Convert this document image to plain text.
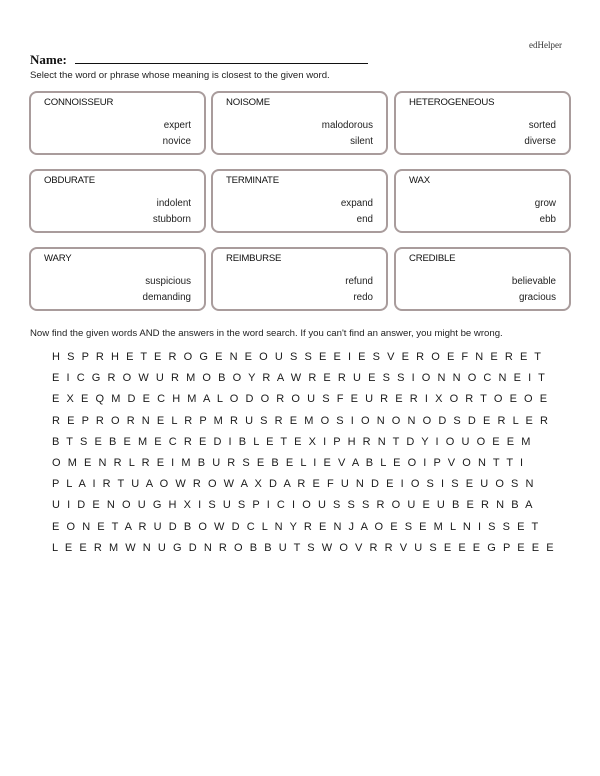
edHelper
Name:
Select the word or phrase whose meaning is closest to the given word.
CONNOISSEUR
expert
novice
NOISOME
malodorous
silent
HETEROGENEOUS
sorted
diverse
OBDURATE
indolent
stubborn
TERMINATE
expand
end
WAX
grow
ebb
WARY
suspicious
demanding
REIMBURSE
refund
redo
CREDIBLE
believable
gracious
Now find the given words AND the answers in the word search. If you can't find an answer, you might be wrong.
H S P R H E T E R O G E N E O U S S E E I E S V E R O E F N E R E T
E I C G R O W U R M O B O Y R A W R E R U E S S I O N N O C N E I T
E X E Q M D E C H M A L O D O R O U S F E U R E R I X O R T O E O E
R E P R O R N E L R P M R U S R E M O S I O N O N O D S D E R L E R
B T S E B E M E C R E D I B L E T E X I P H R N T D Y I O U O E E M
O M E N R L R E I M B U R S E B E L I E V A B L E O I P V O N T T I
P L A I R T U A O W R O W A X D A R E F U N D E I O S I S E U O S N
U I D E N O U G H X I S U S P I C I O U S S S R O U E U B E R N B A
E O N E T A R U D B O W D C L N Y R E N J A O E S E M L N I S S E T
L E E R M W N U G D N R O B B U T S W O V R R V U S E E E G P E E E
